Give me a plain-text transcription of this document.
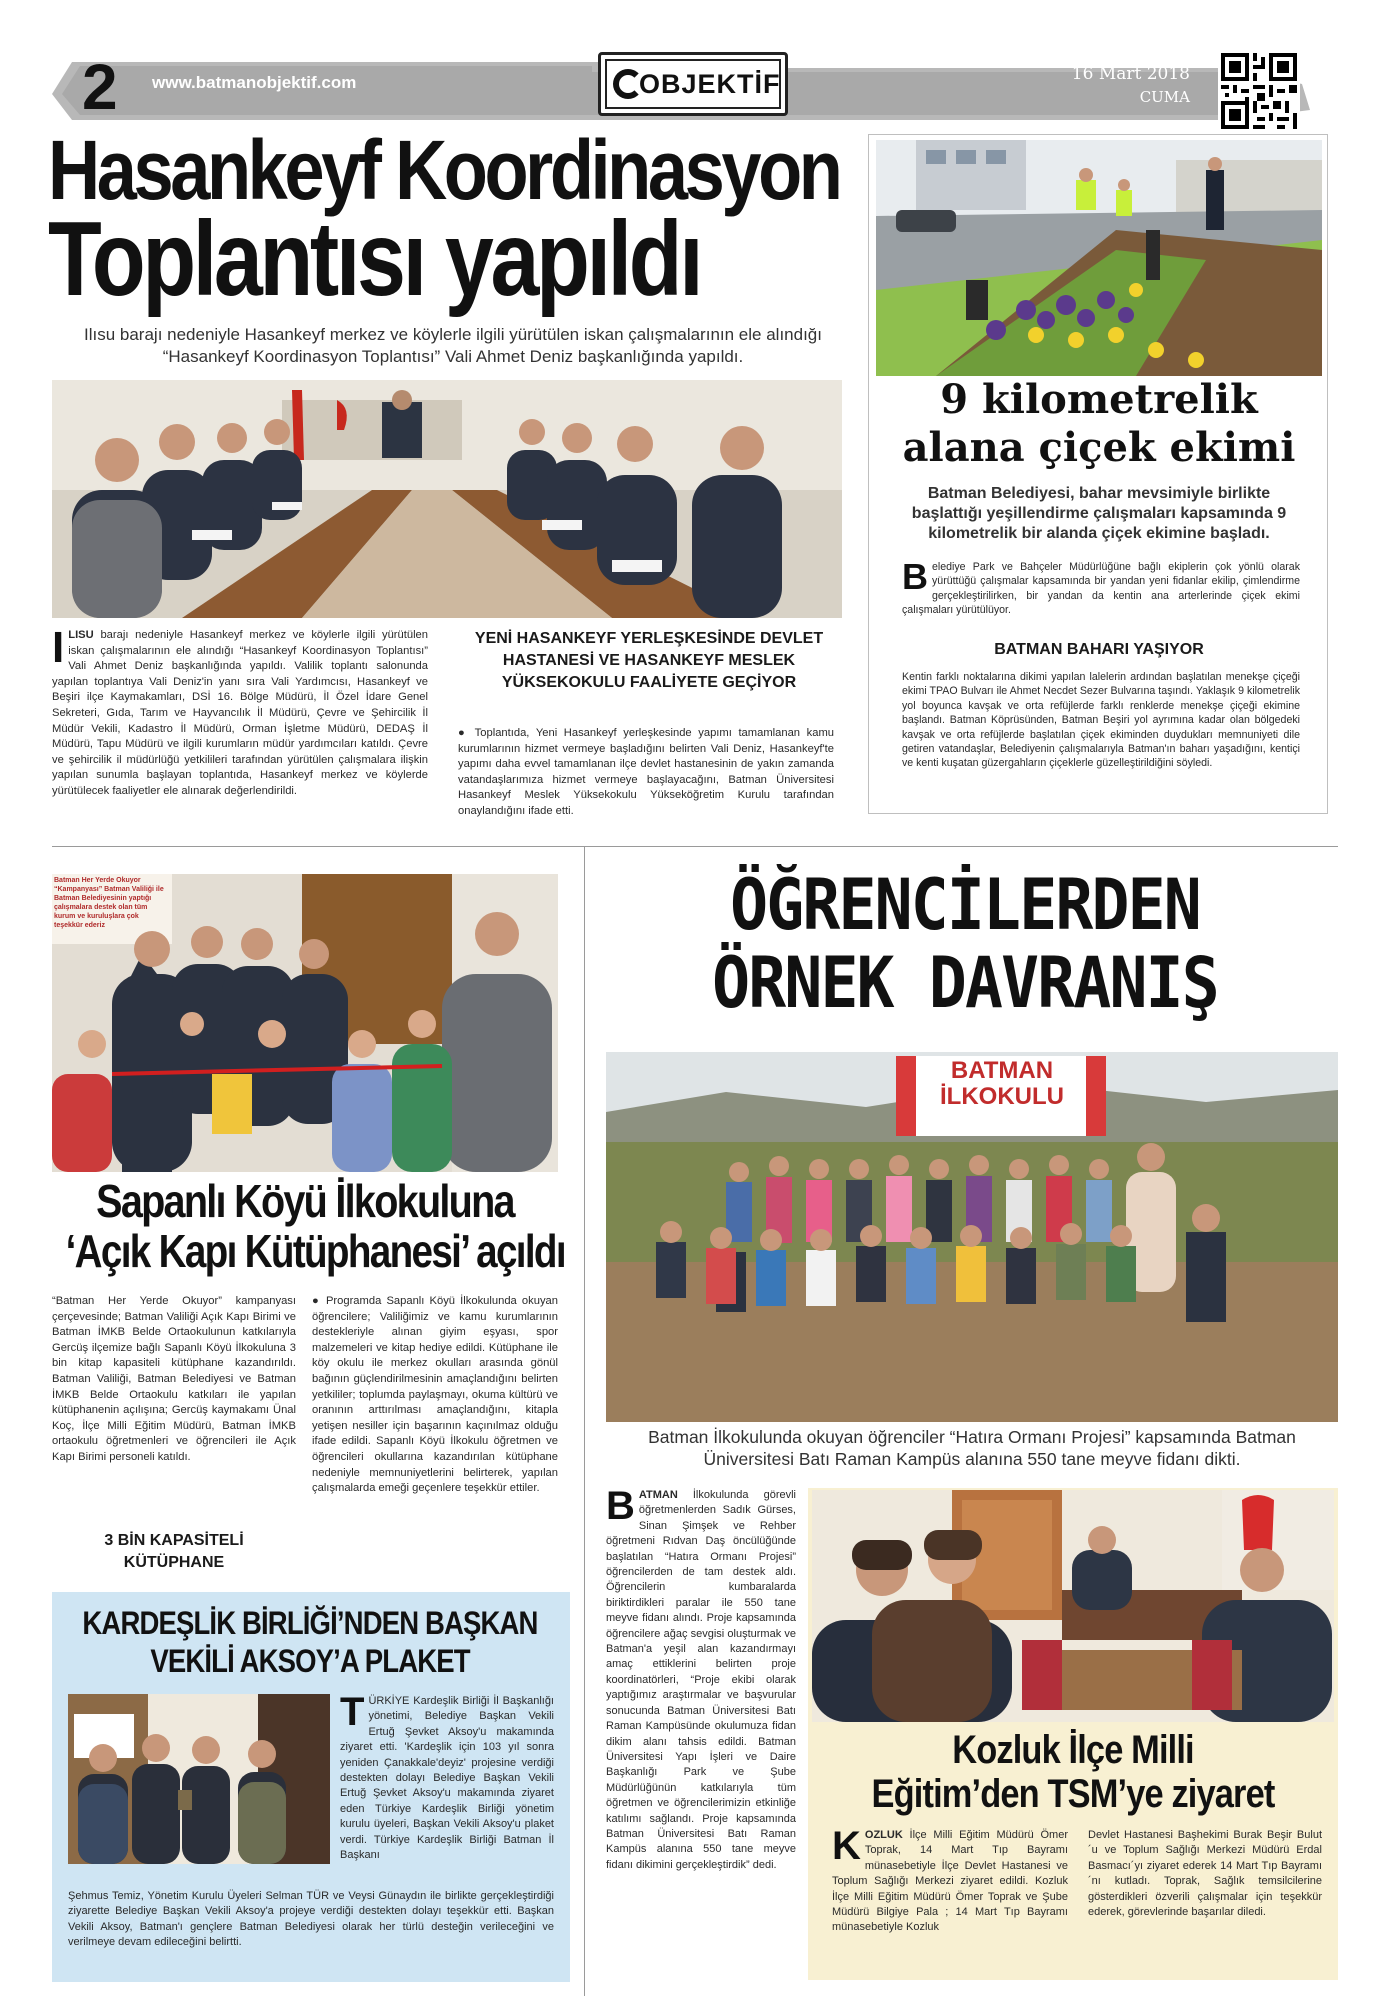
2 www.batmanobjektif.com	OBJEKTİF	16 Mart 2018
CUMA
Hasankeyf Koordinasyon
Toplantısı yapıldı
Ilısu barajı nedeniyle Hasankeyf merkez ve köylerle ilgili yürütülen iskan çalışmalarının ele alındığı “Hasankeyf Koordinasyon Toplantısı” Vali Ahmet Deniz başkanlığında yapıldı.
I LISU barajı nedeniyle Hasankeyf merkez ve köylerle ilgili yürütülen iskan çalışmalarının ele alındığı “Hasankeyf Koordinasyon Toplantısı” Vali Ahmet Deniz başkanlığında yapıldı. Valilik toplantı salonunda yapılan toplantıya Vali Deniz'in yanı sıra Vali Yardımcısı, Hasankeyf ve Beşiri ilçe Kaymakamları, DSİ 16. Bölge Müdürü, İl Özel İdare Genel Sekreteri, Gıda, Tarım ve Hayvancılık İl Müdürü, Çevre ve Şehircilik İl Müdür Vekili, Kadastro İl Müdürü, Orman İşletme Müdürü, DEDAŞ İl Müdürü, Tapu Müdürü ve ilgili kurumların müdür yardımcıları katıldı. Çevre ve şehircilik il müdürlüğü yetkilileri tarafından yürütülen çalışmalara ilişkin yapılan sunumla başlayan toplantıda, Hasankeyf merkez ve köylerde yürütülecek faaliyetler ele alınarak değerlendirildi.
YENİ HASANKEYF YERLEŞKESİNDE DEVLET HASTANESİ VE HASANKEYF MESLEK YÜKSEKOKULU FAALİYETE GEÇİYOR
● Toplantıda, Yeni Hasankeyf yerleşkesinde yapımı tamamlanan kamu kurumlarının hizmet vermeye başladığını belirten Vali Deniz, Hasankeyf'te yapımı daha evvel tamamlanan ilçe devlet hastanesinin de yakın zamanda vatandaşlarımıza hizmet vermeye başlayacağını, Batman Üniversitesi Hasankeyf Meslek Yüksekokulu Yükseköğretim Kurulu tarafından onaylandığını ifade etti.
9 kilometrelik
alana çiçek ekimi
Batman Belediyesi, bahar mevsimiyle birlikte başlattığı yeşillendirme çalışmaları kapsamında 9 kilometrelik bir alanda çiçek ekimine başladı.
B elediye Park ve Bahçeler Müdürlüğüne bağlı ekiplerin çok yönlü olarak yürüttüğü çalışmalar kapsamında bir yandan yeni fidanlar ekilip, çimlendirme gerçekleştirilirken, bir yandan da kentin ana arterlerinde çiçek ekimi çalışmaları yürütülüyor.
BATMAN BAHARI YAŞIYOR
Kentin farklı noktalarına dikimi yapılan lalelerin ardından başlatılan menekşe çiçeği ekimi TPAO Bulvarı ile Ahmet Necdet Sezer Bulvarına taşındı. Yaklaşık 9 kilometrelik yol boyunca kavşak ve orta refüjlerde farklı renklerde menekşe çiçeği ekimine başlandı. Batman Köprüsünden, Batman Beşiri yol ayrımına kadar olan bölgedeki kavşak ve orta refüjlerde başlatılan çiçek ekiminden duydukları memnuniyeti dile getiren vatandaşlar, Belediyenin çalışmalarıyla Batman'ın baharı yaşadığını, kentiçi ve kenti kuşatan güzergahların çiçeklerle güzelleştirildiğini söyledi.
Batman Her Yerde Okuyor “Kampanyası” Batman Valiliği ile Batman Belediyesinin yaptığı çalışmalara destek olan tüm kurum ve kuruluşlara çok teşekkür ederiz
Sapanlı Köyü İlkokuluna
‘Açık Kapı Kütüphanesi’ açıldı
“Batman Her Yerde Okuyor” kampanyası çerçevesinde; Batman Valiliği Açık Kapı Birimi ve Batman İMKB Belde Ortaokulunun katkılarıyla Gercüş ilçemize bağlı Sapanlı Köyü İlkokuluna 3 bin kitap kapasiteli kütüphane kazandırıldı. Batman Valiliği, Batman Belediyesi ve Batman İMKB Belde Ortaokulu katkıları ile yapılan kütüphanenin açılışına; Gercüş kaymakamı Ünal Koç, İlçe Milli Eğitim Müdürü, Batman İMKB ortaokulu öğretmenleri ve öğrencileri ile Açık Kapı Birimi personeli katıldı.
3 BİN KAPASİTELİ KÜTÜPHANE
● Programda Sapanlı Köyü İlkokulunda okuyan öğrencilere; Valiliğimiz ve kamu kurumlarının destekleriyle alınan giyim eşyası, spor malzemeleri ve kitap hediye edildi. Kütüphane ile köy okulu ile merkez okulları arasında gönül bağının güçlendirilmesinin amaçlandığını belirten yetkililer; toplumda paylaşmayı, okuma kültürü ve oranının arttırılması amaçlandığını, kitapla yetişen nesiller için başarının kaçınılmaz olduğu ifade edildi. Sapanlı Köyü İlkokulu öğretmen ve öğrencileri okullarına kazandırılan kütüphane nedeniyle memnuniyetlerini belirterek, yapılan çalışmalarda emeği geçenlere teşekkür ettiler.
KARDEŞLİK BİRLİĞİ’NDEN BAŞKAN
VEKİLİ AKSOY’A PLAKET
T ÜRKİYE Kardeşlik Birliği İl Başkanlığı yönetimi, Belediye Başkan Vekili Ertuğ Şevket Aksoy'u makamında ziyaret etti. 'Kardeşlik için 103 yıl sonra yeniden Çanakkale'deyiz' projesine verdiği destekten dolayı Belediye Başkan Vekili Ertuğ Şevket Aksoy'u makamında ziyaret eden Türkiye Kardeşlik Birliği yönetim kurulu üyeleri, Başkan Vekili Aksoy'u plaket verdi. Türkiye Kardeşlik Birliği Batman İl Başkanı
Şehmus Temiz, Yönetim Kurulu Üyeleri Selman TÜR ve Veysi Günaydın ile birlikte gerçekleştirdiği ziyarette Belediye Başkan Vekili Aksoy'a projeye verdiği destekten dolayı teşekkür etti. Başkan Vekili Aksoy, Batman'ı gençlere Batman Belediyesi olarak her türlü desteğin verileceğini ve verilmeye devam edileceğini belirtti.
ÖĞRENCİLERDEN
ÖRNEK DAVRANIŞ
BATMAN
İLKOKULU
Batman İlkokulunda okuyan öğrenciler “Hatıra Ormanı Projesi” kapsamında Batman Üniversitesi Batı Raman Kampüs alanına 550 tane meyve fidanı dikti.
B ATMAN İlkokulunda görevli öğretmenlerden Sadık Gürses, Sinan Şimşek ve Rehber öğretmeni Rıdvan Daş öncülüğünde başlatılan “Hatıra Ormanı Projesi” öğrencilerden de tam destek aldı. Öğrencilerin kumbaralarda biriktirdikleri paralar ile 550 tane meyve fidanı alındı. Proje kapsamında öğrencilere ağaç sevgisi oluşturmak ve Batman'a yeşil alan kazandırmayı amaç ettiklerini belirten proje koordinatörleri, “Proje ekibi olarak yaptığımız araştırmalar ve başvurular sonucunda Batman Üniversitesi Batı Raman Kampüsünde okulumuza fidan dikim alanı tahsis edildi. Batman Üniversitesi Yapı İşleri ve Daire Başkanlığı Park ve Şube Müdürlüğünün katkılarıyla tüm öğretmen ve öğrencilerimizin etkinliğe katılımı sağlandı. Proje kapsamında Batman Üniversitesi Batı Raman Kampüs alanına 550 tane meyve fidanı dikimini gerçekleştirdik” dedi.
Kozluk İlçe Milli
Eğitim’den TSM’ye ziyaret
K OZLUK İlçe Milli Eğitim Müdürü Ömer Toprak, 14 Mart Tıp Bayramı münasebetiyle İlçe Devlet Hastanesi ve Toplum Sağlığı Merkezi ziyaret edildi. Kozluk İlçe Milli Eğitim Müdürü Ömer Toprak ve Şube Müdürü Bilgiye Pala ; 14 Mart Tıp Bayramı münasebetiyle Kozluk
Devlet Hastanesi Başhekimi Burak Beşir Bulut´u ve Toplum Sağlığı Merkezi Müdürü Erdal Basmacı´yı ziyaret ederek 14 Mart Tıp Bayramı´nı kutladı. Toprak, Sağlık temsilcilerine gösterdikleri özverili çalışmalar için teşekkür ederek, görevlerinde başarılar diledi.
